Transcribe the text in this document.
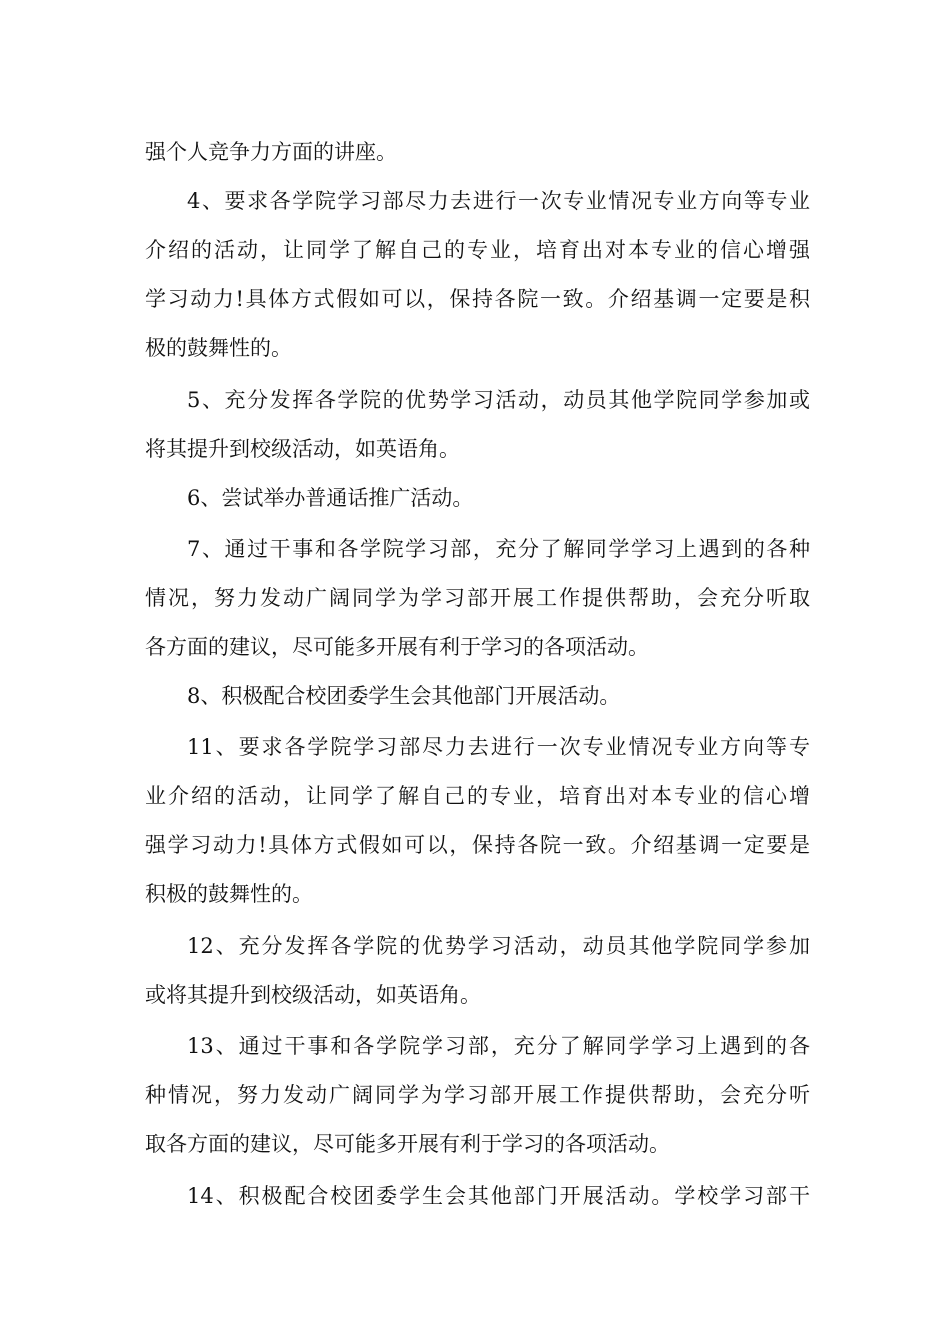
强个人竞争力方面的讲座。
4、要求各学院学习部尽力去进行一次专业情况专业方向等专业
介绍的活动，让同学了解自己的专业，培育出对本专业的信心增强
学习动力!具体方式假如可以，保持各院一致。介绍基调一定要是积
极的鼓舞性的。
5、充分发挥各学院的优势学习活动，动员其他学院同学参加或
将其提升到校级活动，如英语角。
6、尝试举办普通话推广活动。
7、通过干事和各学院学习部，充分了解同学学习上遇到的各种
情况，努力发动广阔同学为学习部开展工作提供帮助，会充分听取
各方面的建议，尽可能多开展有利于学习的各项活动。
8、积极配合校团委学生会其他部门开展活动。
11、要求各学院学习部尽力去进行一次专业情况专业方向等专
业介绍的活动，让同学了解自己的专业，培育出对本专业的信心增
强学习动力!具体方式假如可以，保持各院一致。介绍基调一定要是
积极的鼓舞性的。
12、充分发挥各学院的优势学习活动，动员其他学院同学参加
或将其提升到校级活动，如英语角。
13、通过干事和各学院学习部，充分了解同学学习上遇到的各
种情况，努力发动广阔同学为学习部开展工作提供帮助，会充分听
取各方面的建议，尽可能多开展有利于学习的各项活动。
14、积极配合校团委学生会其他部门开展活动。学校学习部干
